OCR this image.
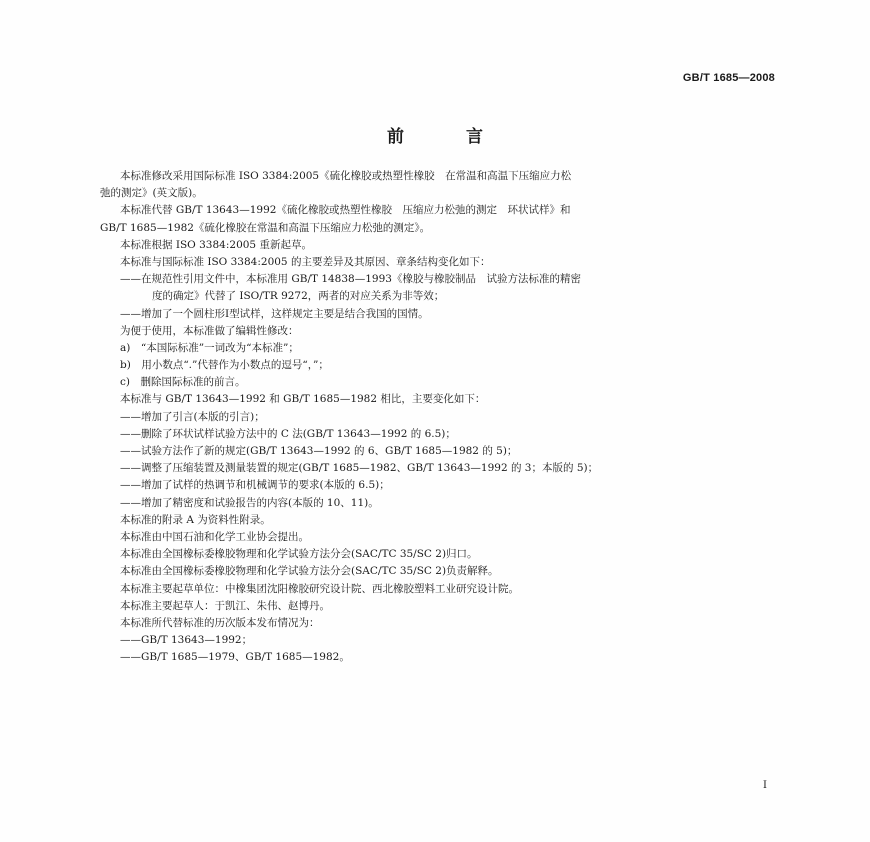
GB/T 1685—2008
前 言
本标准修改采用国际标准 ISO 3384:2005《硫化橡胶或热塑性橡胶　在常温和高温下压缩应力松
弛的测定》(英文版)。
本标准代替 GB/T 13643—1992《硫化橡胶或热塑性橡胶　压缩应力松弛的测定　环状试样》和
GB/T 1685—1982《硫化橡胶在常温和高温下压缩应力松弛的测定》。
本标准根据 ISO 3384:2005 重新起草。
本标准与国际标准 ISO 3384:2005 的主要差异及其原因、章条结构变化如下：
——在规范性引用文件中，本标准用 GB/T 14838—1993《橡胶与橡胶制品　试验方法标准的精密
度的确定》代替了 ISO/TR 9272，两者的对应关系为非等效；
——增加了一个圆柱形Ⅰ型试样，这样规定主要是结合我国的国情。
为便于使用，本标准做了编辑性修改：
a)　“本国际标准”一词改为“本标准”；
b)　用小数点“.”代替作为小数点的逗号“，”；
c)　删除国际标准的前言。
本标准与 GB/T 13643—1992 和 GB/T 1685—1982 相比，主要变化如下：
——增加了引言(本版的引言)；
——删除了环状试样试验方法中的 C 法(GB/T 13643—1992 的 6.5)；
——试验方法作了新的规定(GB/T 13643—1992 的 6、GB/T 1685—1982 的 5)；
——调整了压缩装置及测量装置的规定(GB/T 1685—1982、GB/T 13643—1992 的 3；本版的 5)；
——增加了试样的热调节和机械调节的要求(本版的 6.5)；
——增加了精密度和试验报告的内容(本版的 10、11)。
本标准的附录 A 为资料性附录。
本标准由中国石油和化学工业协会提出。
本标准由全国橡标委橡胶物理和化学试验方法分会(SAC/TC 35/SC 2)归口。
本标准由全国橡标委橡胶物理和化学试验方法分会(SAC/TC 35/SC 2)负责解释。
本标准主要起草单位：中橡集团沈阳橡胶研究设计院、西北橡胶塑料工业研究设计院。
本标准主要起草人：于凯江、朱伟、赵博丹。
本标准所代替标准的历次版本发布情况为：
——GB/T 13643—1992；
——GB/T 1685—1979、GB/T 1685—1982。
Ⅰ
